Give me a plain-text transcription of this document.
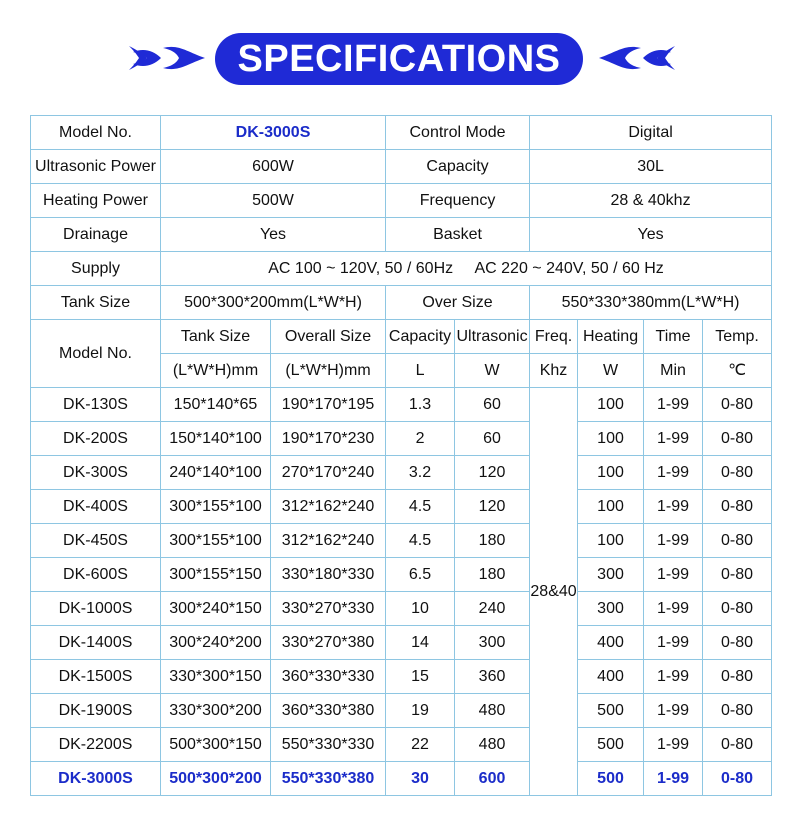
SPECIFICATIONS
Model No.	DK-3000S		Control Mode		Digital			
Ultrasonic Power	600W		Capacity		30L			
Heating Power	500W		Frequency		28 & 40khz			
Drainage	Yes		Basket		Yes			
Supply	AC 100 ~ 120V, 50 / 60Hz     AC 220 ~ 240V, 50 / 60 Hz							
Tank Size	500*300*200mm(L*W*H)		Over Size		550*330*380mm(L*W*H)			
Model No.	Tank Size	Overall Size	Capacity	Ultrasonic	Freq.	Heating	Time	Temp.
	(L*W*H)mm	(L*W*H)mm	L	W	Khz	W	Min	℃
DK-130S	150*140*65	190*170*195	1.3	60	28&40	100	1-99	0-80
DK-200S	150*140*100	190*170*230	2	60		100	1-99	0-80
DK-300S	240*140*100	270*170*240	3.2	120		100	1-99	0-80
DK-400S	300*155*100	312*162*240	4.5	120		100	1-99	0-80
DK-450S	300*155*100	312*162*240	4.5	180		100	1-99	0-80
DK-600S	300*155*150	330*180*330	6.5	180		300	1-99	0-80
DK-1000S	300*240*150	330*270*330	10	240		300	1-99	0-80
DK-1400S	300*240*200	330*270*380	14	300		400	1-99	0-80
DK-1500S	330*300*150	360*330*330	15	360		400	1-99	0-80
DK-1900S	330*300*200	360*330*380	19	480		500	1-99	0-80
DK-2200S	500*300*150	550*330*330	22	480		500	1-99	0-80
DK-3000S	500*300*200	550*330*380	30	600		500	1-99	0-80
